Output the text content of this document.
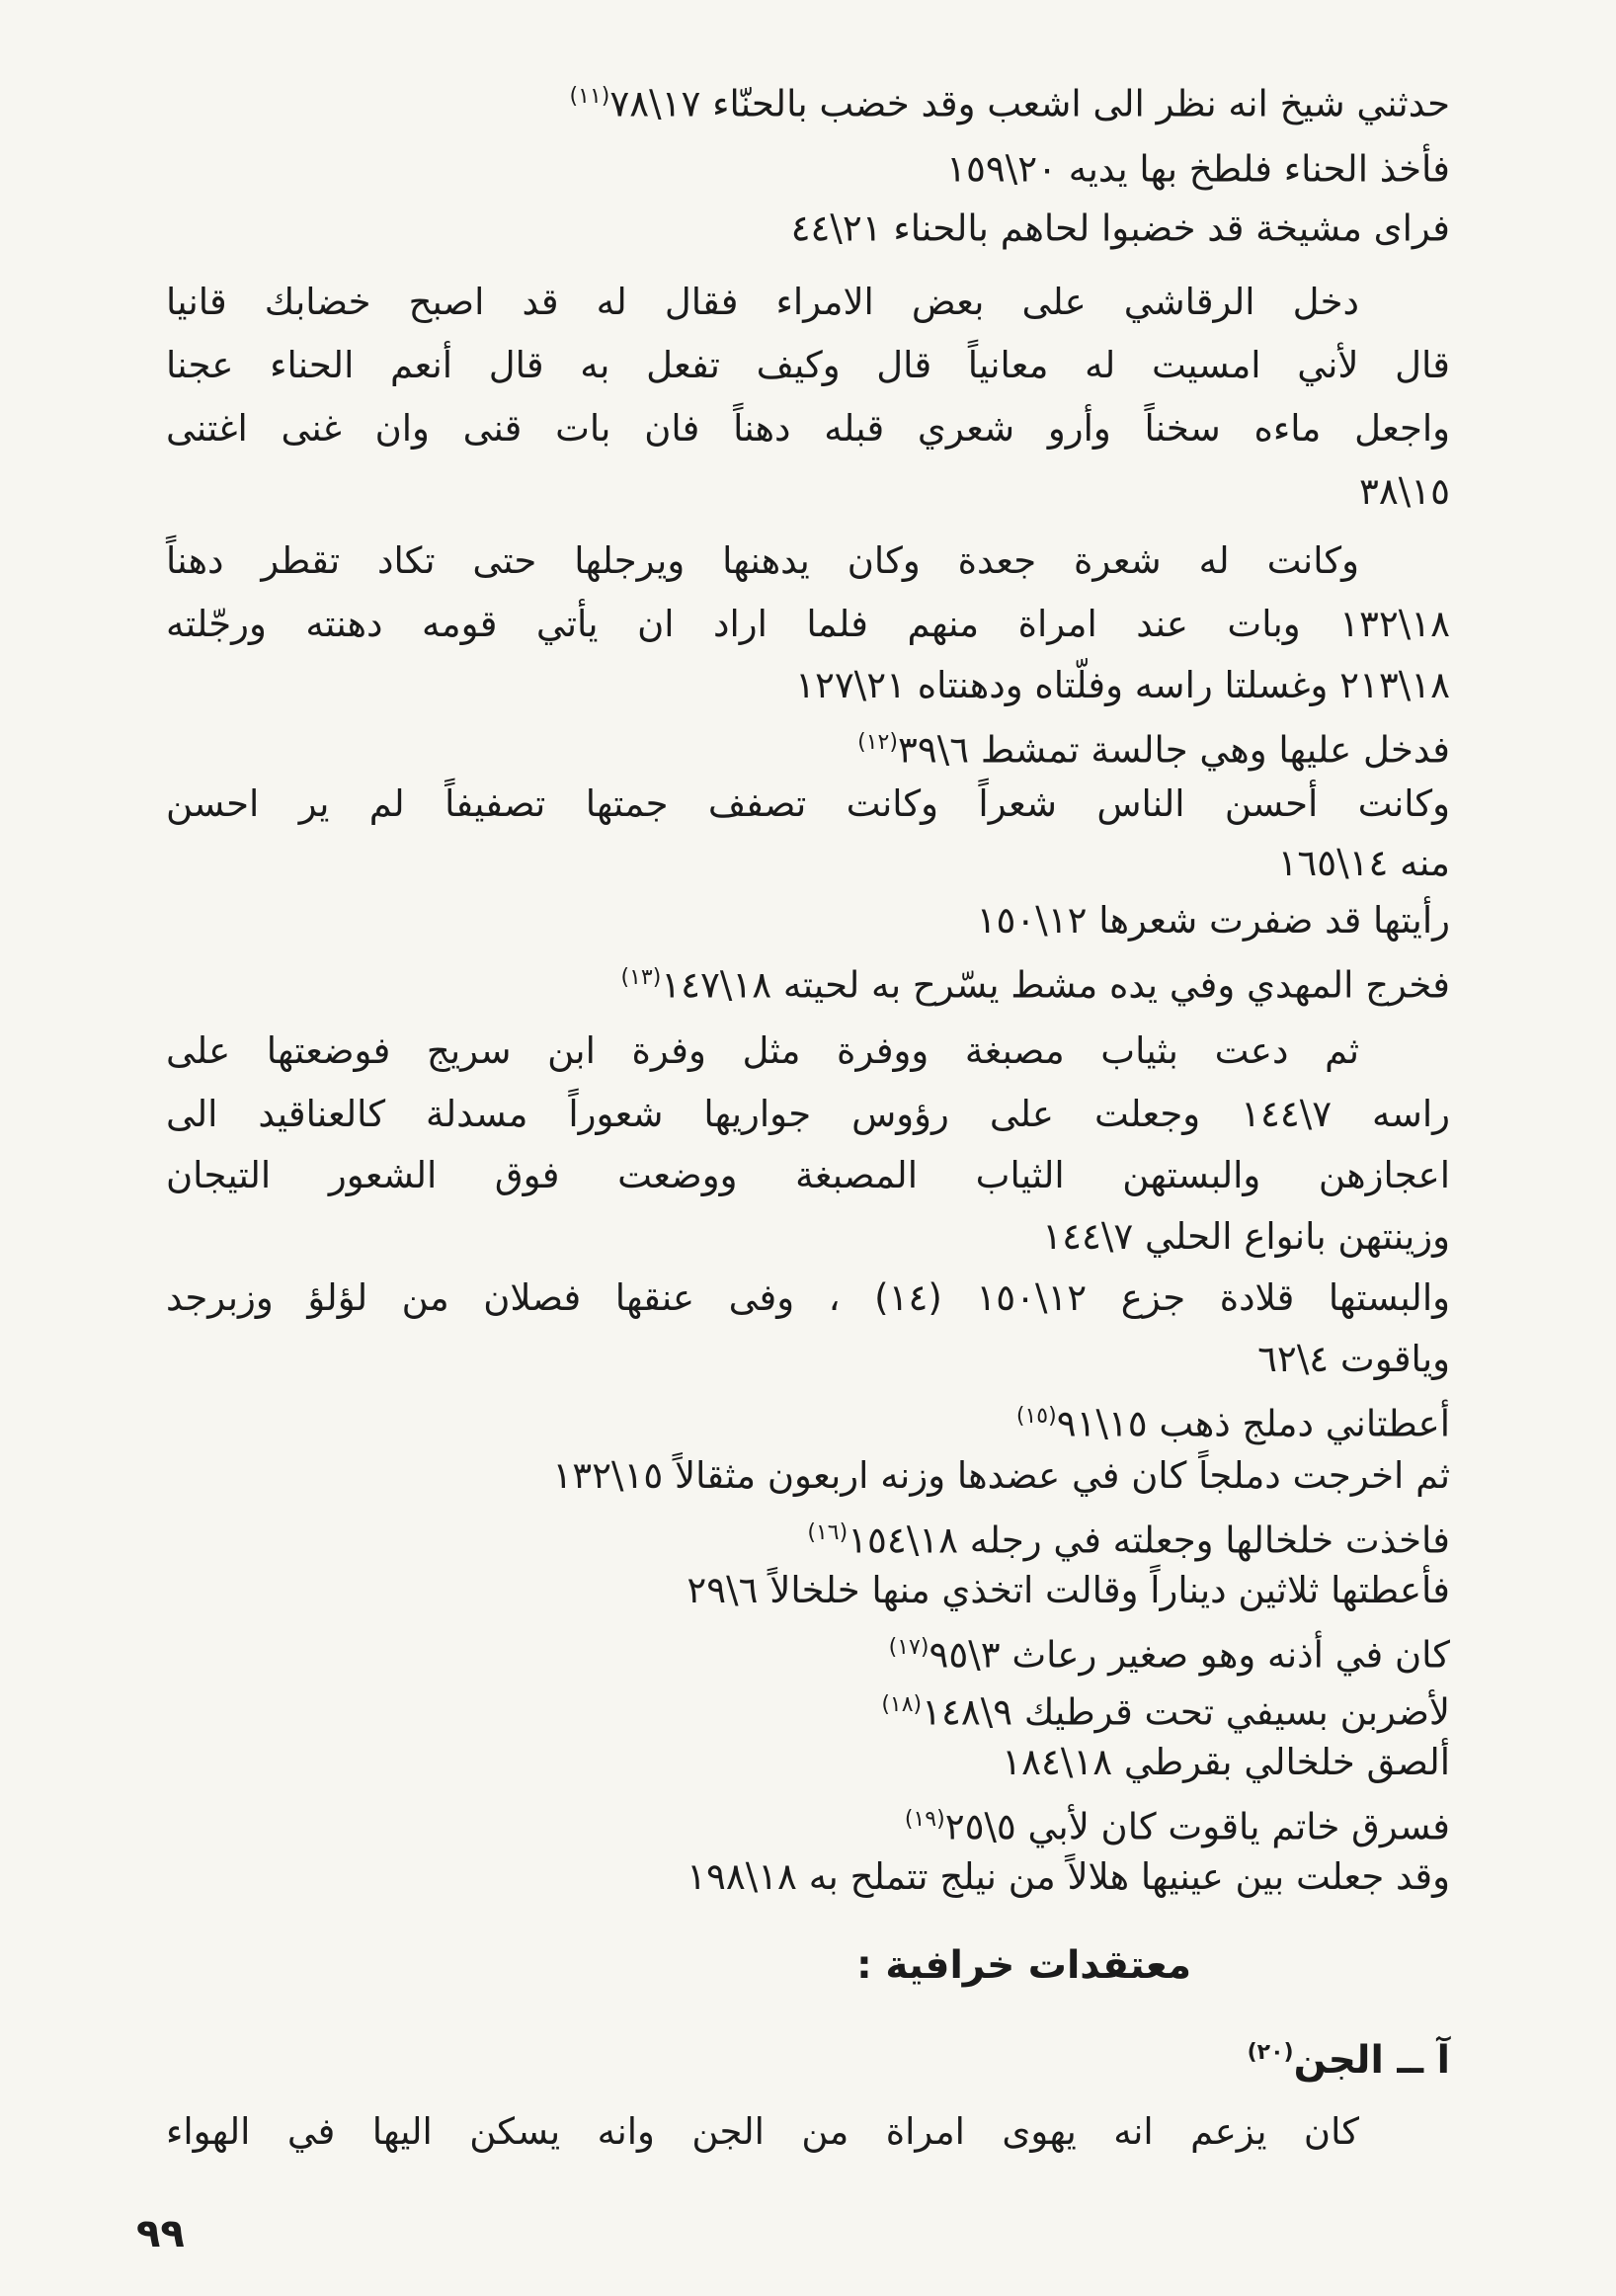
حدثني شيخ انه نظر الى اشعب وقد خضب بالحنّاء ١٧\٧٨$^{(١١)}$
فأخذ الحناء فلطخ بها يديه ٢٠\١٥٩
فراى مشيخة قد خضبوا لحاهم بالحناء ٢١\٤٤
دخل الرقاشي على بعض الامراء فقال له قد اصبح خضابك قانيا
قال لأني امسيت له معانياً قال وكيف تفعل به قال أنعم الحناء عجنا
واجعل ماءه سخناً وأرو شعري قبله دهناً فان بات قنى وان غنى اغتنى
١٥\٣٨
وكانت له شعرة جعدة وكان يدهنها ويرجلها حتى تكاد تقطر دهناً
١٨\١٣٢ وبات عند امراة منهم فلما اراد ان يأتي قومه دهنته ورجّلته
١٨\٢١٣ وغسلتا راسه وفلّتاه ودهنتاه ٢١\١٢٧
فدخل عليها وهي جالسة تمشط ٦\٣٩$^{(١٢)}$
وكانت أحسن الناس شعراً وكانت تصفف جمتها تصفيفاً لم ير احسن
منه ١٤\١٦٥
رأيتها قد ضفرت شعرها ١٢\١٥٠
فخرج المهدي وفي يده مشط يسّرح به لحيته ١٨\١٤٧$^{(١٣)}$
ثم دعت بثياب مصبغة ووفرة مثل وفرة ابن سريج فوضعتها على
راسه ٧\١٤٤ وجعلت على رؤوس جواريها شعوراً مسدلة كالعناقيد الى
اعجازهن والبستهن الثياب المصبغة ووضعت فوق الشعور التيجان
وزينتهن بانواع الحلي ٧\١٤٤
والبستها قلادة جزع ١٢\١٥٠ (١٤) ، وفى عنقها فصلان من لؤلؤ وزبرجد
وياقوت ٤\٦٢
أعطتاني دملج ذهب ١٥\٩١$^{(١٥)}$
ثم اخرجت دملجاً كان في عضدها وزنه اربعون مثقالاً ١٥\١٣٢
فاخذت خلخالها وجعلته في رجله ١٨\١٥٤$^{(١٦)}$
فأعطتها ثلاثين ديناراً وقالت اتخذي منها خلخالاً ٦\٢٩
كان في أذنه وهو صغير رعاث ٣\٩٥$^{(١٧)}$
لأضربن بسيفي تحت قرطيك ٩\١٤٨$^{(١٨)}$
ألصق خلخالي بقرطي ١٨\١٨٤
فسرق خاتم ياقوت كان لأبي ٥\٢٥$^{(١٩)}$
وقد جعلت بين عينيها هلالاً من نيلج تتملح به ١٨\١٩٨
معتقدات خرافية :
آ ــ الجن$^{(٢٠)}$
كان يزعم انه يهوى امراة من الجن وانه يسكن اليها في الهواء
٩٩
